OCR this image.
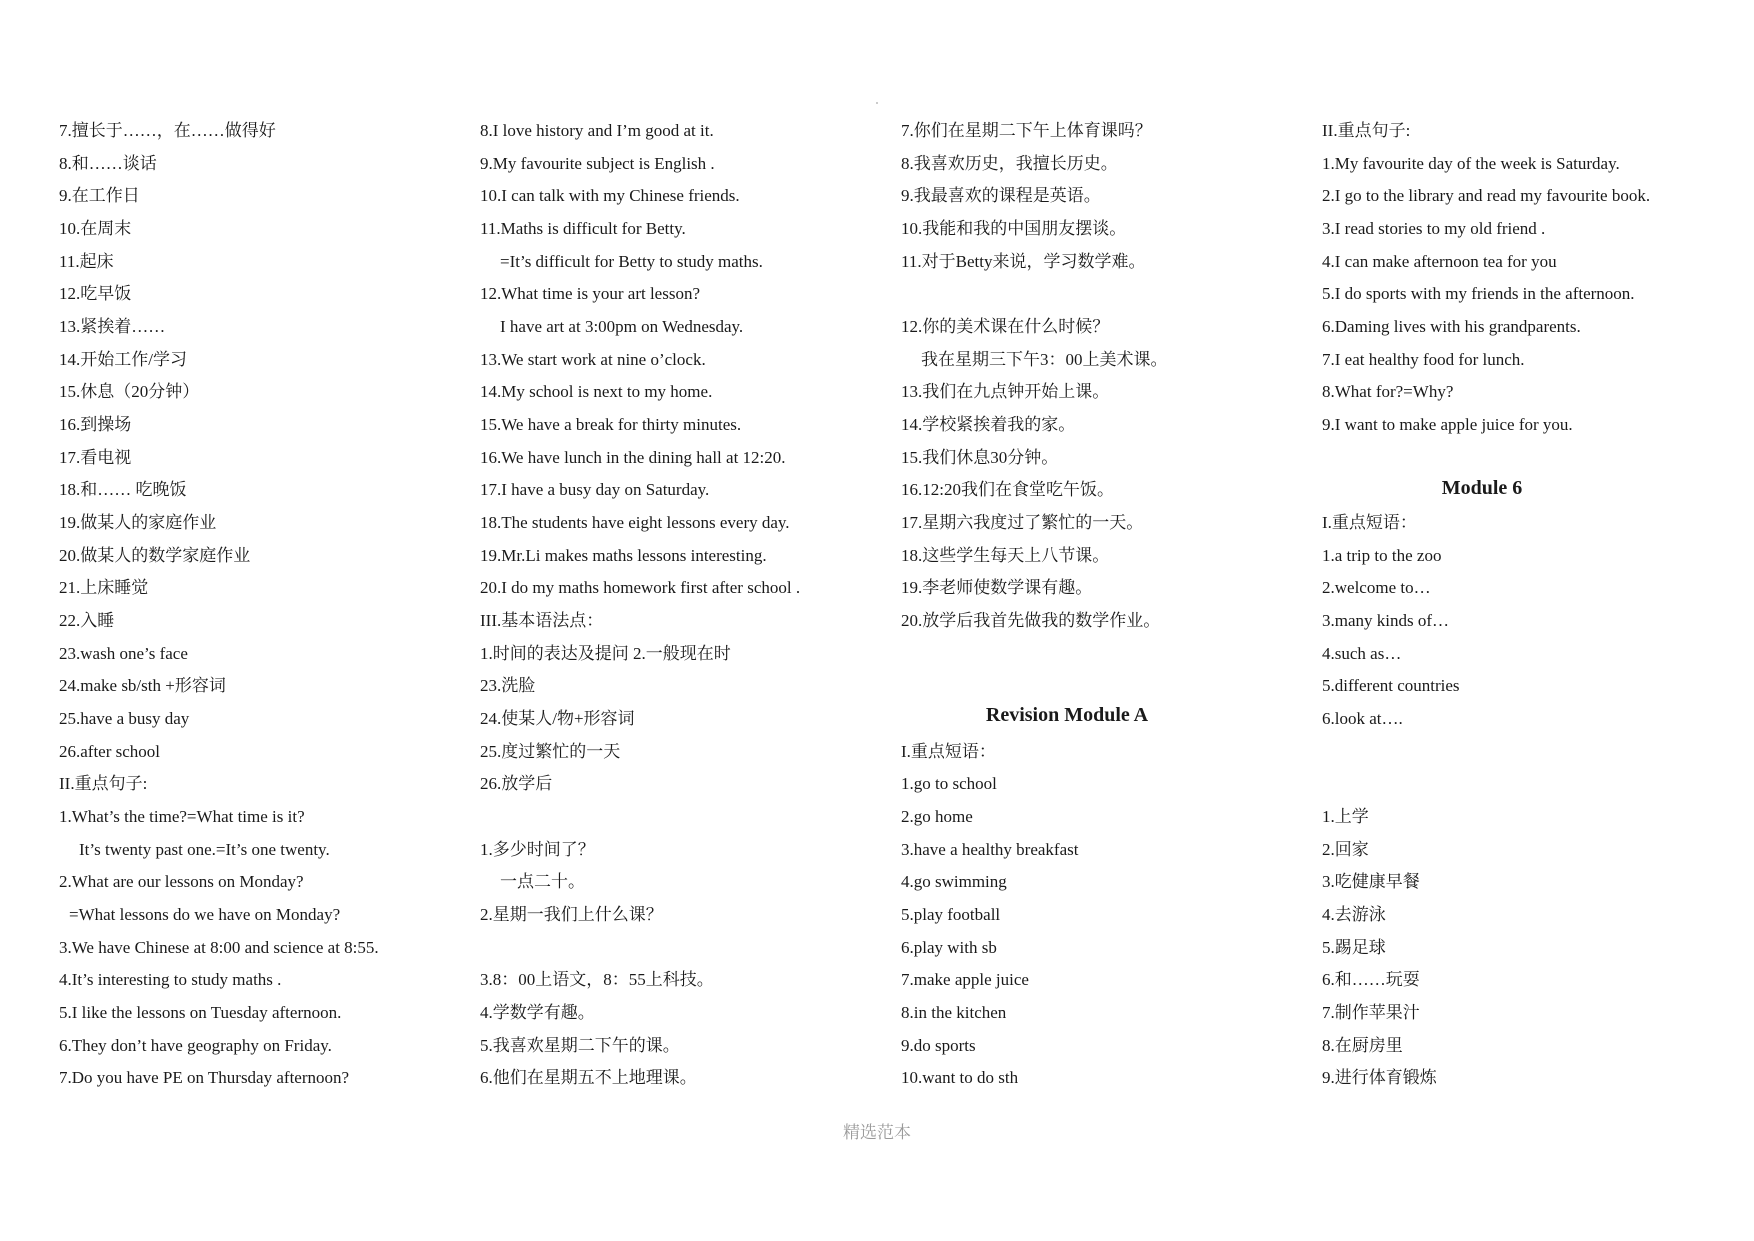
7.擅长于……，在……做得好
8.和……谈话
9.在工作日
10.在周末
11.起床
12.吃早饭
13.紧挨着……
14.开始工作/学习
15.休息（20分钟）
16.到操场
17.看电视
18.和…… 吃晚饭
19.做某人的家庭作业
20.做某人的数学家庭作业
21.上床睡觉
22.入睡
23.wash one’s face
24.make sb/sth +形容词
25.have a busy day
26.after school
II.重点句子:
1.What’s the time?=What time is it?
It’s twenty past one.=It’s one twenty.
2.What are our lessons on Monday?
=What lessons do we have on Monday?
3.We have Chinese at 8:00 and science at 8:55.
4.It’s interesting to study maths .
5.I like the lessons on Tuesday afternoon.
6.They don’t have geography on Friday.
7.Do you have PE on Thursday afternoon?
8.I love history and I’m good at it.
9.My favourite subject is English .
10.I can talk with my Chinese friends.
11.Maths is difficult for Betty.
=It’s difficult for Betty to study maths.
12.What time is your art lesson?
I have art at 3:00pm on Wednesday.
13.We start work at nine o’clock.
14.My school is next to my home.
15.We have a break for thirty minutes.
16.We have lunch in the dining hall at 12:20.
17.I have a busy day on Saturday.
18.The students have eight lessons every day.
19.Mr.Li makes maths lessons interesting.
20.I do my maths homework first after school .
III.基本语法点：
1.时间的表达及提问 2.一般现在时
23.洗脸
24.使某人/物+形容词
25.度过繁忙的一天
26.放学后
1.多少时间了？
一点二十。
2.星期一我们上什么课？
3.8：00上语文，8：55上科技。
4.学数学有趣。
5.我喜欢星期二下午的课。
6.他们在星期五不上地理课。
7.你们在星期二下午上体育课吗？
8.我喜欢历史，我擅长历史。
9.我最喜欢的课程是英语。
10.我能和我的中国朋友摆谈。
11.对于Betty来说，学习数学难。
12.你的美术课在什么时候？
我在星期三下午3：00上美术课。
13.我们在九点钟开始上课。
14.学校紧挨着我的家。
15.我们休息30分钟。
16.12:20我们在食堂吃午饭。
17.星期六我度过了繁忙的一天。
18.这些学生每天上八节课。
19.李老师使数学课有趣。
20.放学后我首先做我的数学作业。
Revision Module A
I.重点短语：
1.go to school
2.go home
3.have a healthy breakfast
4.go swimming
5.play football
6.play with sb
7.make apple juice
8.in the kitchen
9.do sports
10.want to do sth
II.重点句子:
1.My favourite day of the week is Saturday.
2.I go to the library and read my favourite book.
3.I read stories to my old friend .
4.I can make afternoon tea for you
5.I do sports with my friends in the afternoon.
6.Daming lives with his grandparents.
7.I eat healthy food for lunch.
8.What for?=Why?
9.I want to make apple juice for you.
Module 6
I.重点短语：
1.a trip to the zoo
2.welcome to…
3.many kinds of…
4.such as…
5.different countries
6.look at….
1.上学
2.回家
3.吃健康早餐
4.去游泳
5.踢足球
6.和……玩耍
7.制作苹果汁
8.在厨房里
9.进行体育锻炼
精选范本
